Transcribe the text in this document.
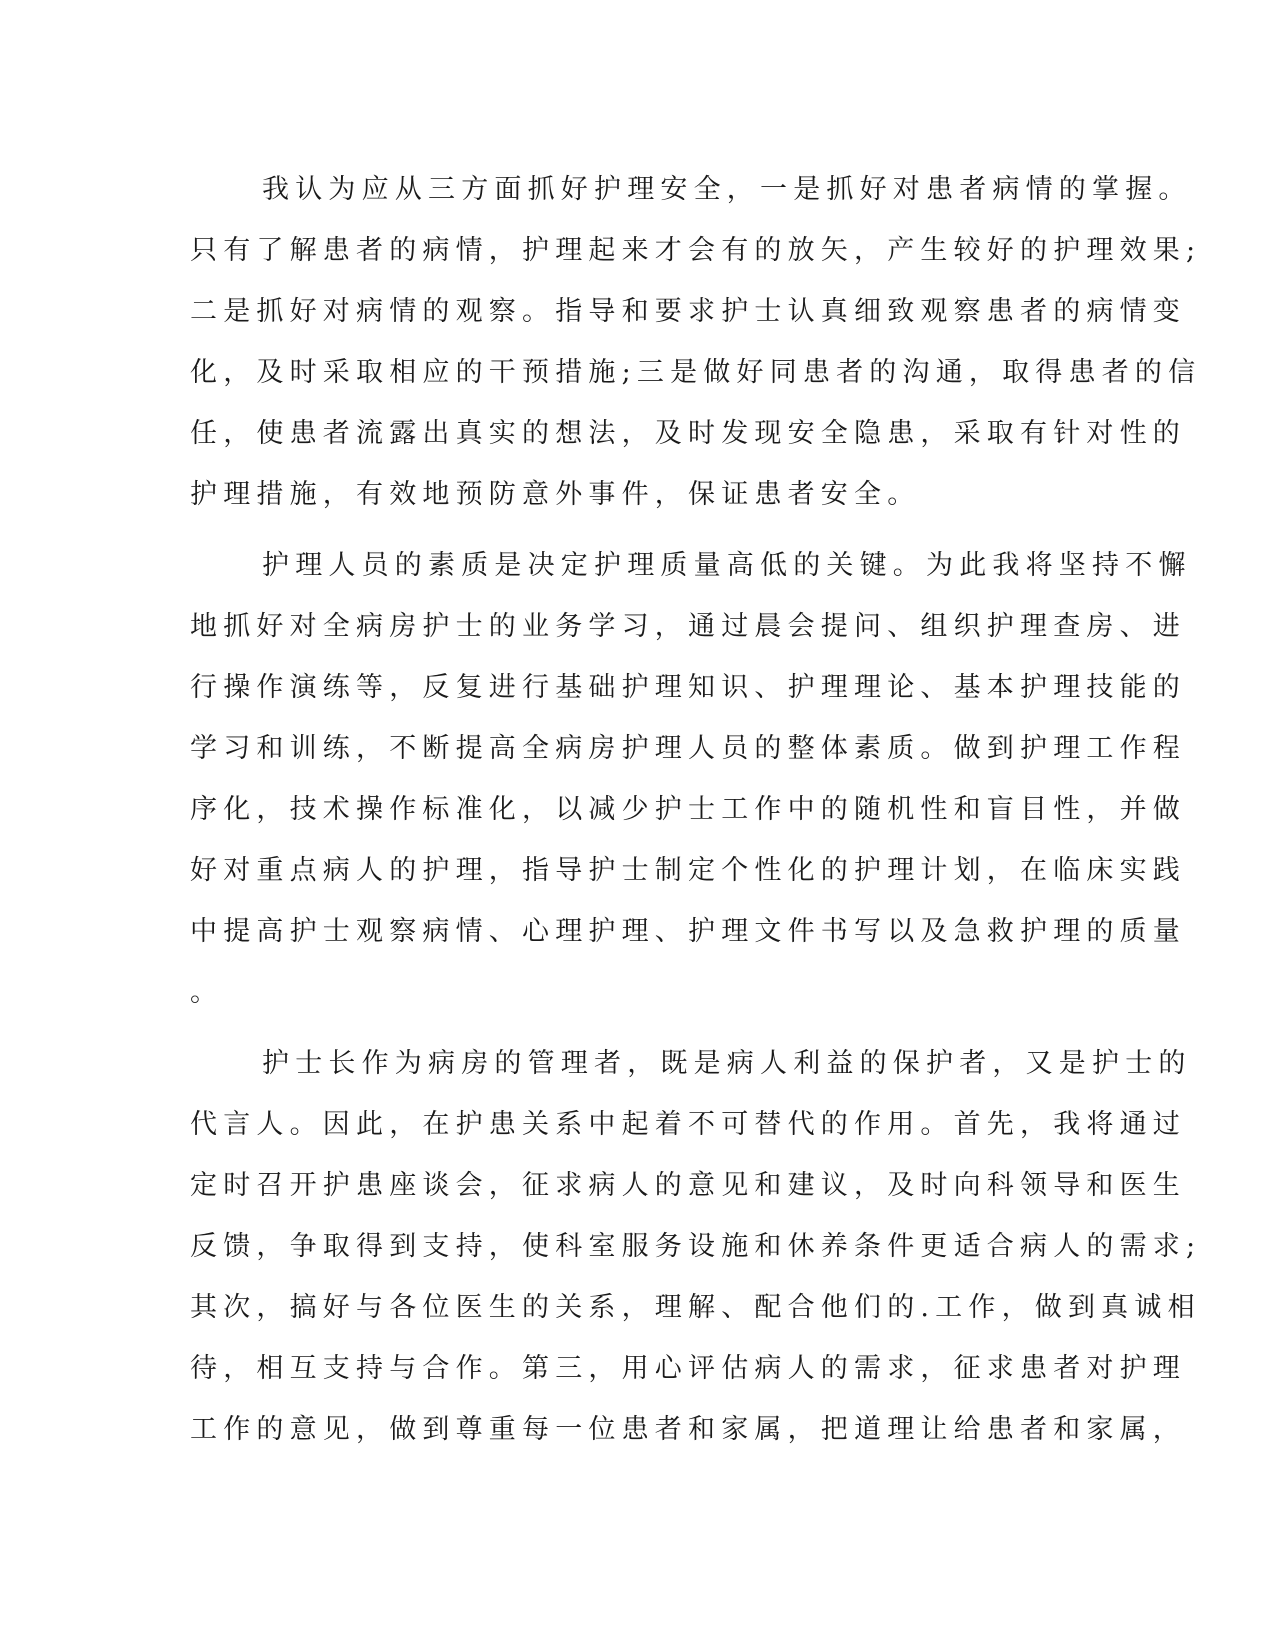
我认为应从三方面抓好护理安全，一是抓好对患者病情的掌握。
只有了解患者的病情，护理起来才会有的放矢，产生较好的护理效果;
二是抓好对病情的观察。指导和要求护士认真细致观察患者的病情变
化，及时采取相应的干预措施;三是做好同患者的沟通，取得患者的信
任，使患者流露出真实的想法，及时发现安全隐患，采取有针对性的
护理措施，有效地预防意外事件，保证患者安全。
护理人员的素质是决定护理质量高低的关键。为此我将坚持不懈
地抓好对全病房护士的业务学习，通过晨会提问、组织护理查房、进
行操作演练等，反复进行基础护理知识、护理理论、基本护理技能的
学习和训练，不断提高全病房护理人员的整体素质。做到护理工作程
序化，技术操作标准化，以减少护士工作中的随机性和盲目性，并做
好对重点病人的护理，指导护士制定个性化的护理计划，在临床实践
中提高护士观察病情、心理护理、护理文件书写以及急救护理的质量
。
护士长作为病房的管理者，既是病人利益的保护者，又是护士的
代言人。因此，在护患关系中起着不可替代的作用。首先，我将通过
定时召开护患座谈会，征求病人的意见和建议，及时向科领导和医生
反馈，争取得到支持，使科室服务设施和休养条件更适合病人的需求;
其次，搞好与各位医生的关系，理解、配合他们的.工作，做到真诚相
待，相互支持与合作。第三，用心评估病人的需求，征求患者对护理
工作的意见，做到尊重每一位患者和家属，把道理让给患者和家属，
